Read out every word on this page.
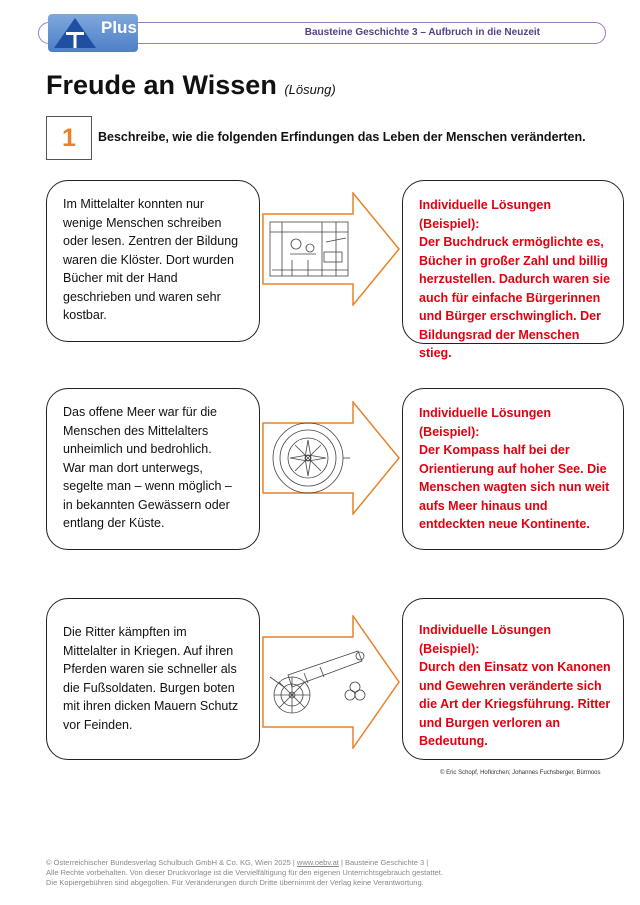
Plus	Bausteine Geschichte 3 – Aufbruch in die Neuzeit
Freude an Wissen (Lösung)
1	Beschreibe, wie die folgenden Erfindungen das Leben der Menschen veränderten.
Im Mittelalter konnten nur
wenige Menschen schreiben
oder lesen. Zentren der Bildung
waren die Klöster. Dort wurden
Bücher mit der Hand
geschrieben und waren sehr
kostbar.
Individuelle Lösungen (Beispiel):
Der Buchdruck ermöglichte es,
Bücher in großer Zahl und billig
herzustellen. Dadurch waren sie
auch für einfache Bürgerinnen
und Bürger erschwinglich. Der
Bildungsrad der Menschen stieg.
Das offene Meer war für die
Menschen des Mittelalters
unheimlich und bedrohlich.
War man dort unterwegs,
segelte man – wenn möglich –
in bekannten Gewässern oder
entlang der Küste.
Individuelle Lösungen (Beispiel):
Der Kompass half bei der
Orientierung auf hoher See. Die
Menschen wagten sich nun weit
aufs Meer hinaus und
entdeckten neue Kontinente.
Die Ritter kämpften im
Mittelalter in Kriegen. Auf ihren
Pferden waren sie schneller als
die Fußsoldaten. Burgen boten
mit ihren dicken Mauern Schutz
vor Feinden.
Individuelle Lösungen (Beispiel):
Durch den Einsatz von Kanonen
und Gewehren veränderte sich
die Art der Kriegsführung. Ritter
und Burgen verloren an
Bedeutung.
© Eric Schopf, Hofkirchen; Johannes Fuchsberger, Bürmoos
© Österreichischer Bundesverlag Schulbuch GmbH & Co. KG, Wien 2025 | www.oebv.at | Bausteine Geschichte 3 |
Alle Rechte vorbehalten. Von dieser Druckvorlage ist die Vervielfältigung für den eigenen Unterrichtsgebrauch gestattet.
Die Kopiergebühren sind abgegolten. Für Veränderungen durch Dritte übernimmt der Verlag keine Verantwortung.
